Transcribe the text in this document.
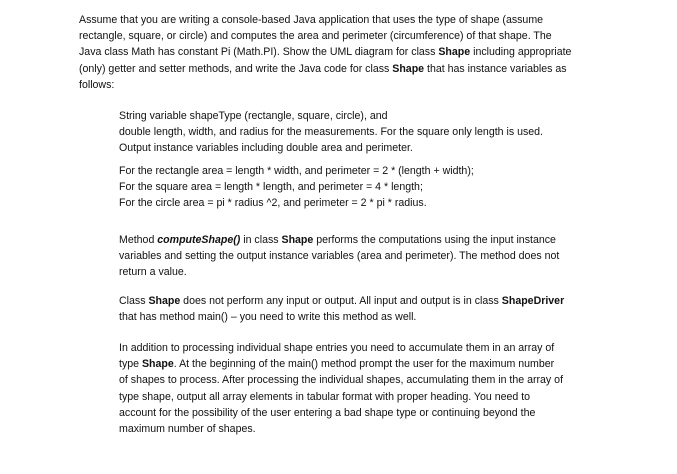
Assume that you are writing a console-based Java application that uses the type of shape (assume
rectangle, square, or circle) and computes the area and perimeter (circumference) of that shape. The
Java class Math has constant Pi (Math.PI). Show the UML diagram for class Shape including appropriate
(only) getter and setter methods, and write the Java code for class Shape that has instance variables as
follows:

String variable shapeType (rectangle, square, circle), and
double length, width, and radius for the measurements. For the square only length is used.
Output instance variables including double area and perimeter.

For the rectangle area = length * width, and perimeter = 2 * (length + width);
For the square area = length * length, and perimeter = 4 * length;
For the circle area = pi * radius ^2, and perimeter = 2 * pi * radius.

Method computeShape() in class Shape performs the computations using the input instance
variables and setting the output instance variables (area and perimeter). The method does not
return a value.

Class Shape does not perform any input or output. All input and output is in class ShapeDriver
that has method main() – you need to write this method as well.

In addition to processing individual shape entries you need to accumulate them in an array of
type Shape. At the beginning of the main() method prompt the user for the maximum number
of shapes to process. After processing the individual shapes, accumulating them in the array of
type shape, output all array elements in tabular format with proper heading. You need to
account for the possibility of the user entering a bad shape type or continuing beyond the
maximum number of shapes.
